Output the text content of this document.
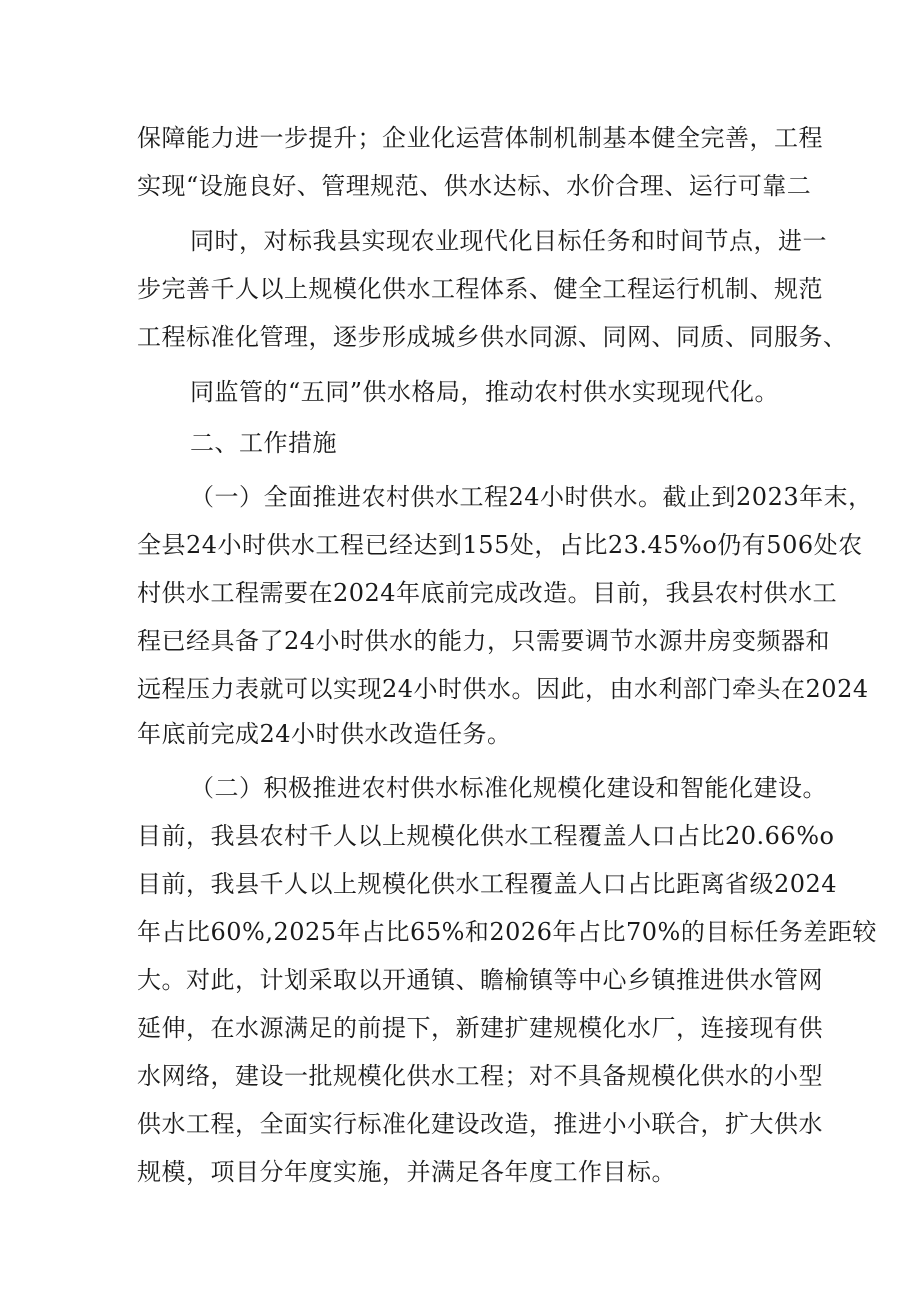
保障能力进一步提升；企业化运营体制机制基本健全完善，工程
实现“设施良好、管理规范、供水达标、水价合理、运行可靠二
同时，对标我县实现农业现代化目标任务和时间节点，进一
步完善千人以上规模化供水工程体系、健全工程运行机制、规范
工程标准化管理，逐步形成城乡供水同源、同网、同质、同服务、
同监管的“五同”供水格局，推动农村供水实现现代化。
二、工作措施
（一）全面推进农村供水工程24小时供水。截止到2023年末，
全县24小时供水工程已经达到155处，占比23.45%o仍有506处农
村供水工程需要在2024年底前完成改造。目前，我县农村供水工
程已经具备了24小时供水的能力，只需要调节水源井房变频器和
远程压力表就可以实现24小时供水。因此，由水利部门牵头在2024
年底前完成24小时供水改造任务。
（二）积极推进农村供水标准化规模化建设和智能化建设。
目前，我县农村千人以上规模化供水工程覆盖人口占比20.66%o
目前，我县千人以上规模化供水工程覆盖人口占比距离省级2024
年占比60%,2025年占比65%和2026年占比70%的目标任务差距较
大。对此，计划采取以开通镇、瞻榆镇等中心乡镇推进供水管网
延伸，在水源满足的前提下，新建扩建规模化水厂，连接现有供
水网络，建设一批规模化供水工程；对不具备规模化供水的小型
供水工程，全面实行标准化建设改造，推进小小联合，扩大供水
规模，项目分年度实施，并满足各年度工作目标。
